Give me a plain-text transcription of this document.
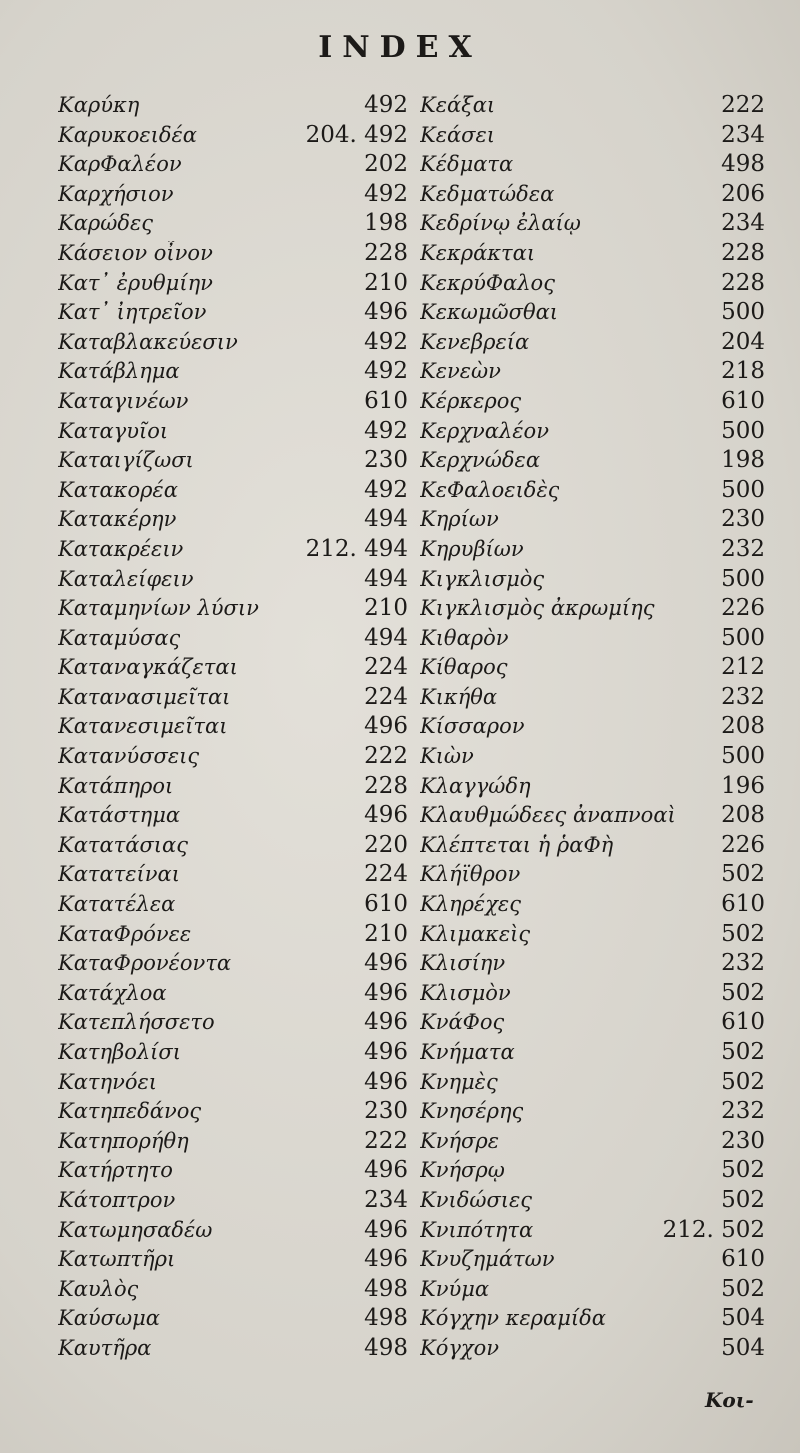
INDEX
Καρύκη	492
Καρυκοειδέα	204. 492
ΚαρΦαλέον	202
Καρχήσιον	492
Καρώδες	198
Κάσειον οἶνον	228
Κατ᾽ ἐρυθμίην	210
Κατ᾽ ἰητρεῖον	496
Καταβλακεύεσιν	492
Κατάβλημα	492
Καταγινέων	610
Καταγυῖοι	492
Καταιγίζωσι	230
Κατακορέα	492
Κατακέρην	494
Κατακρέειν	212. 494
Καταλείφειν	494
Καταμηνίων λύσιν	210
Καταμύσας	494
Καταναγκάζεται	224
Κατανασιμεῖται	224
Κατανεσιμεῖται	496
Κατανύσσεις	222
Κατάπηροι	228
Κατάστημα	496
Κατατάσιας	220
Κατατείναι	224
Κατατέλεα	610
ΚαταΦρόνεε	210
ΚαταΦρονέοντα	496
Κατάχλοα	496
Κατεπλήσσετο	496
Κατηβολίσι	496
Κατηνόει	496
Κατηπεδάνος	230
Κατηπορήθη	222
Κατήρτητο	496
Κάτοπτρον	234
Κατωμησαδέω	496
Κατωπτῆρι	496
Καυλὸς	498
Καύσωμα	498
Καυτῆρα	498
Κεάξαι	222
Κεάσει	234
Κέδματα	498
Κεδματώδεα	206
Κεδρίνῳ ἐλαίῳ	234
Κεκράκται	228
ΚεκρύΦαλος	228
Κεκωμῶσθαι	500
Κενεβρεία	204
Κενεὼν	218
Κέρκερος	610
Κερχναλέον	500
Κερχνώδεα	198
ΚεΦαλοειδὲς	500
Κηρίων	230
Κηρυβίων	232
Κιγκλισμὸς	500
Κιγκλισμὸς ἀκρωμίης	226
Κιθαρὸν	500
Κίθαρος	212
Κικήθα	232
Κίσσαρον	208
Κιὼν	500
Κλαγγώδη	196
Κλαυθμώδεες ἀναπνοαὶ 208
Κλέπτεται ἡ ῥαΦὴ	226
Κλήϊθρον	502
Κληρέχες	610
Κλιμακεὶς	502
Κλισίην	232
Κλισμὸν	502
ΚνάΦος	610
Κνήματα	502
Κνημὲς	502
Κνησέρης	232
Κνήσρε	230
Κνήσρῳ	502
Κνιδώσιες	502
Κνιπότητα	212. 502
Κνυζημάτων	610
Κνύμα	502
Κόγχην κεραμίδα	504
Κόγχον	504
Κοι-
